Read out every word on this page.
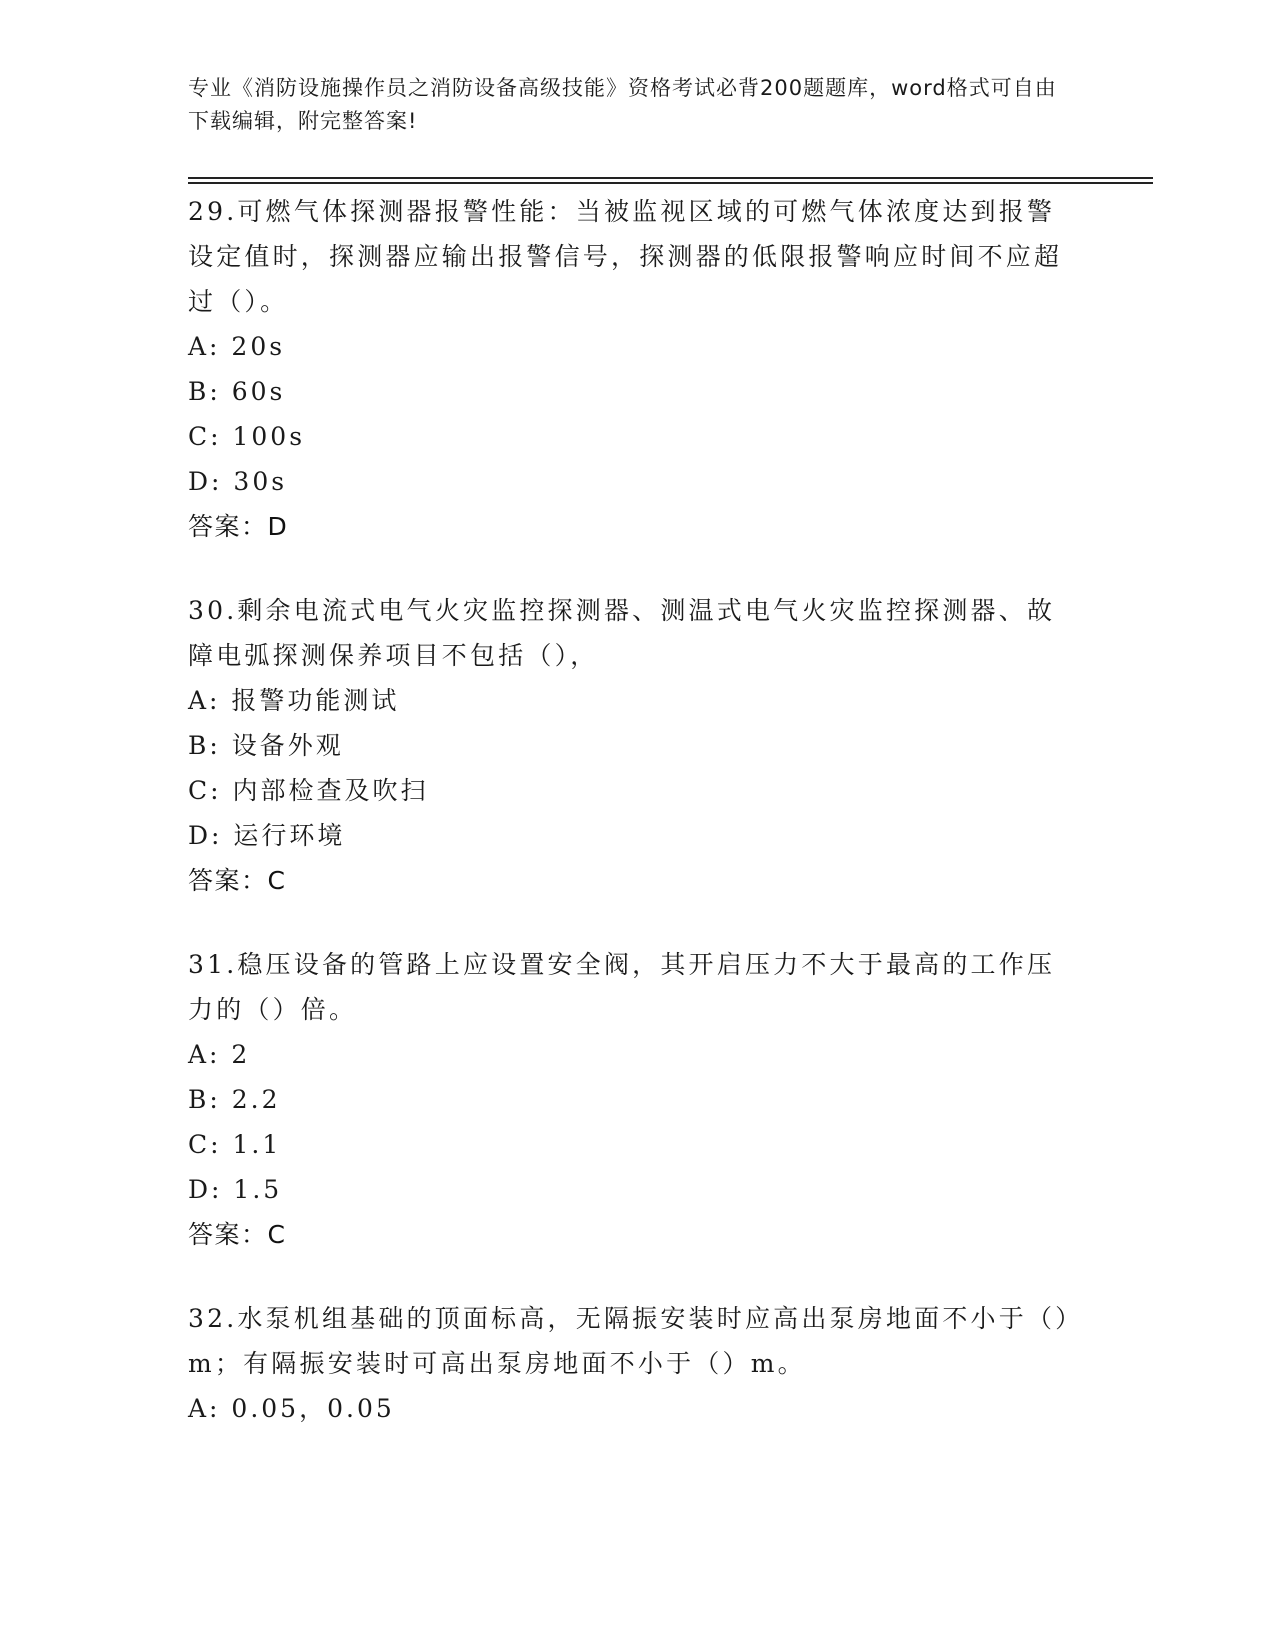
专业《消防设施操作员之消防设备高级技能》资格考试必背200题题库，word格式可自由下载编辑，附完整答案!
29.可燃气体探测器报警性能：当被监视区域的可燃气体浓度达到报警设定值时，探测器应输出报警信号，探测器的低限报警响应时间不应超过（）。
A: 20s
B: 60s
C: 100s
D: 30s
答案：D
30.剩余电流式电气火灾监控探测器、测温式电气火灾监控探测器、故障电弧探测保养项目不包括（），
A: 报警功能测试
B: 设备外观
C: 内部检查及吹扫
D: 运行环境
答案：C
31.稳压设备的管路上应设置安全阀，其开启压力不大于最高的工作压力的（）倍。
A: 2
B: 2.2
C: 1.1
D: 1.5
答案：C
32.水泵机组基础的顶面标高，无隔振安装时应高出泵房地面不小于（）m；有隔振安装时可高出泵房地面不小于（）m。
A: 0.05，0.05
